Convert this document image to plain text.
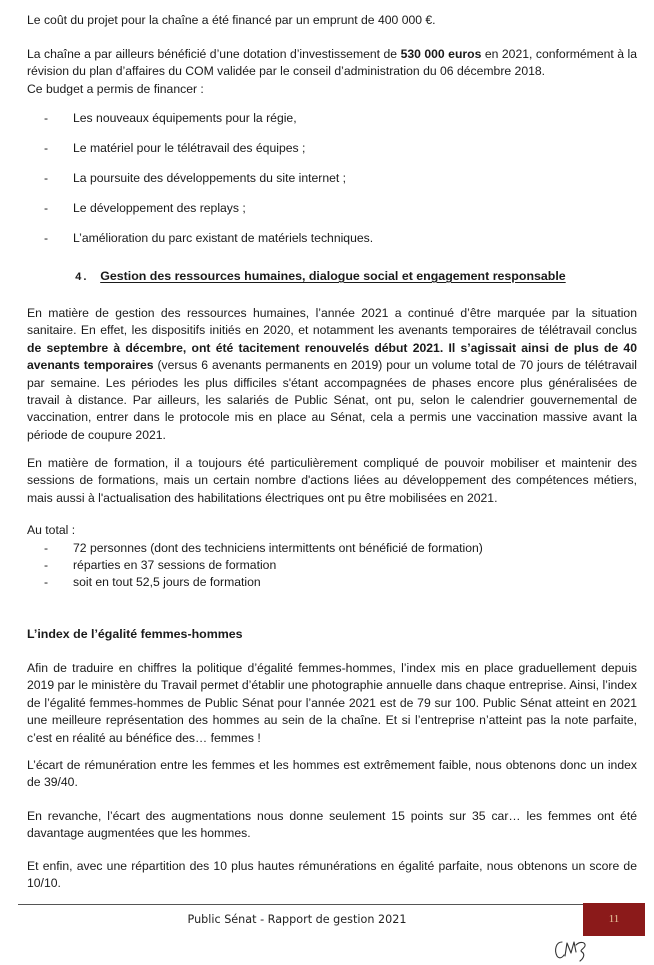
Le coût du projet pour la chaîne a été financé par un emprunt de 400 000 €.
La chaîne a par ailleurs bénéficié d’une dotation d’investissement de 530 000 euros en 2021, conformément à la révision du plan d’affaires du COM validée par le conseil d’administration du 06 décembre 2018.
Ce budget a permis de financer :
-	Les nouveaux équipements pour la régie,
-	Le matériel pour le télétravail des équipes ;
-	La poursuite des développements du site internet ;
-	Le développement des replays ;
-	L’amélioration du parc existant de matériels techniques.
4. Gestion des ressources humaines, dialogue social et engagement responsable
En matière de gestion des ressources humaines, l’année 2021 a continué d’être marquée par la situation sanitaire. En effet, les dispositifs initiés en 2020, et notamment les avenants temporaires de télétravail conclus de septembre à décembre, ont été tacitement renouvelés début 2021. Il s’agissait ainsi de plus de 40 avenants temporaires (versus 6 avenants permanents en 2019) pour un volume total de 70 jours de télétravail par semaine. Les périodes les plus difficiles s'étant accompagnées de phases encore plus généralisées de travail à distance. Par ailleurs, les salariés de Public Sénat, ont pu, selon le calendrier gouvernemental de vaccination, entrer dans le protocole mis en place au Sénat, cela a permis une vaccination massive avant la période de coupure 2021.
En matière de formation, il a toujours été particulièrement compliqué de pouvoir mobiliser et maintenir des sessions de formations, mais un certain nombre d'actions liées au développement des compétences métiers, mais aussi à l'actualisation des habilitations électriques ont pu être mobilisées en 2021.
Au total :
-	72 personnes (dont des techniciens intermittents ont bénéficié de formation)
-	réparties en 37 sessions de formation
-	soit en tout 52,5 jours de formation
L’index de l’égalité femmes-hommes
Afin de traduire en chiffres la politique d’égalité femmes-hommes, l’index mis en place graduellement depuis 2019 par le ministère du Travail permet d’établir une photographie annuelle dans chaque entreprise. Ainsi, l’index de l’égalité femmes-hommes de Public Sénat pour l’année 2021 est de 79 sur 100. Public Sénat atteint en 2021 une meilleure représentation des hommes au sein de la chaîne. Et si l’entreprise n’atteint pas la note parfaite, c’est en réalité au bénéfice des… femmes !
L’écart de rémunération entre les femmes et les hommes est extrêmement faible, nous obtenons donc un index de 39/40.
En revanche, l’écart des augmentations nous donne seulement 15 points sur 35 car… les femmes ont été davantage augmentées que les hommes.
Et enfin, avec une répartition des 10 plus hautes rémunérations en égalité parfaite, nous obtenons un score de 10/10.
Public Sénat - Rapport de gestion 2021	11
